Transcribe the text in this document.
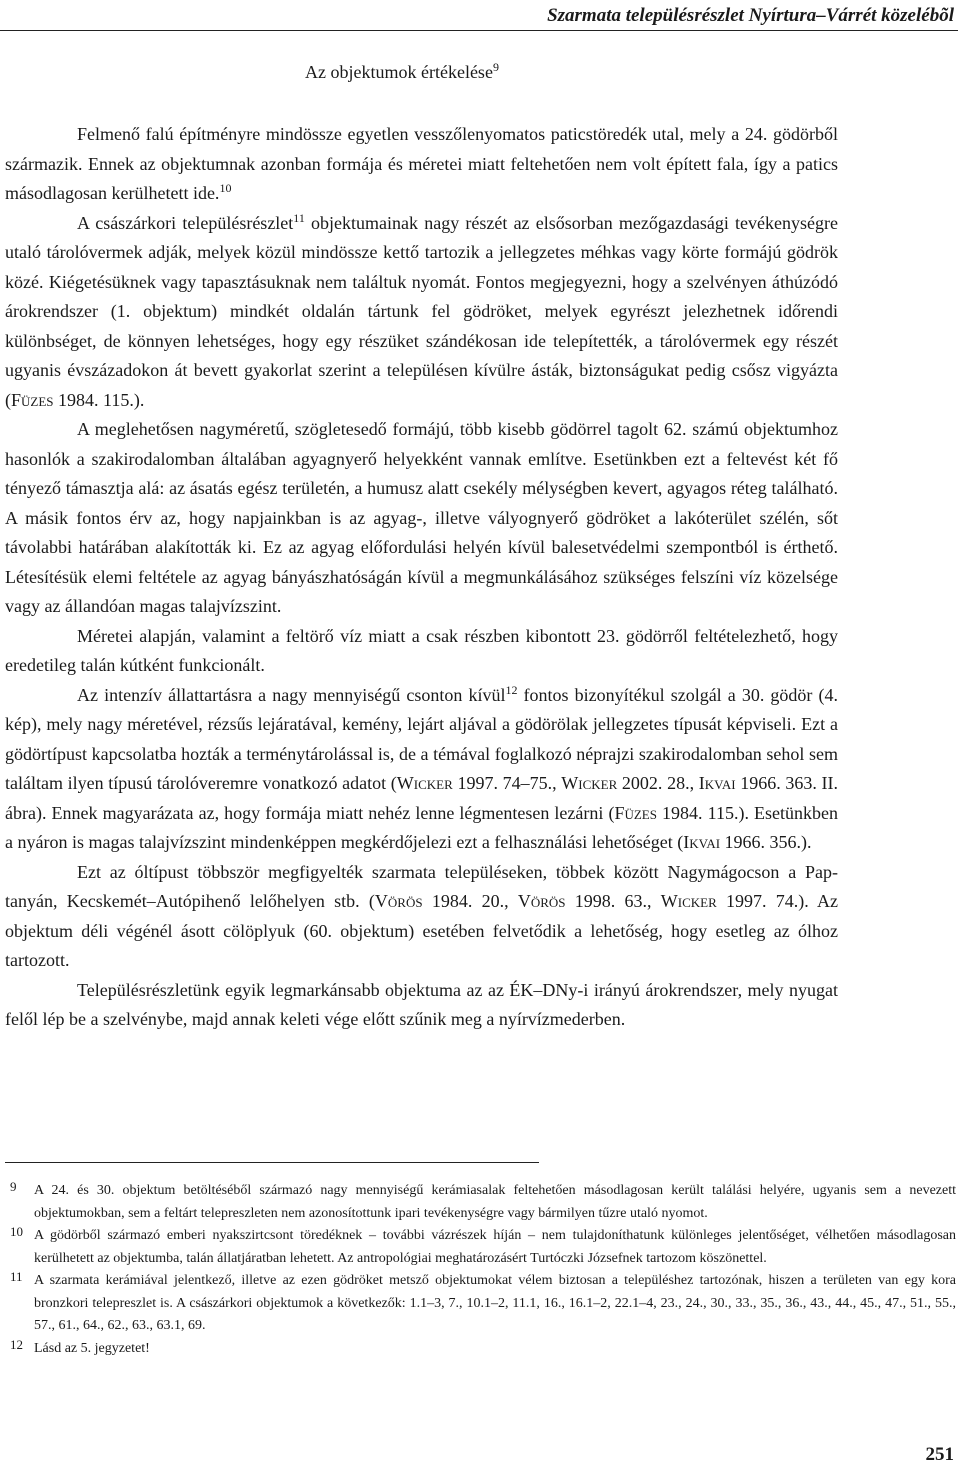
Szarmata településrészlet Nyírtura–Várrét közelébõl
Az objektumok értékelése$^9$

Felmenő falú építményre mindössze egyetlen vesszőlenyomatos paticstöredék utal, mely a 24. gödörből származik. Ennek az objektumnak azonban formája és méretei miatt feltehetően nem volt épített fala, így a patics másodlagosan kerülhetett ide.$^{10}$

A császárkori településrészlet$^{11}$ objektumainak nagy részét az elsősorban mezőgazdasági tevékenységre utaló tárolóvermek adják, melyek közül mindössze kettő tartozik a jellegzetes méhkas vagy körte formájú gödrök közé. Kiégetésüknek vagy tapasztásuknak nem találtuk nyomát. Fontos megjegyezni, hogy a szelvényen áthúzódó árokrendszer (1. objektum) mindkét oldalán tártunk fel gödröket, melyek egyrészt jelezhetnek időrendi különbséget, de könnyen lehetséges, hogy egy részüket szándékosan ide telepítették, a tárolóvermek egy részét ugyanis évszázadokon át bevett gyakorlat szerint a településen kívülre ásták, biztonságukat pedig csősz vigyázta (Füzes 1984. 115.).

A meglehetősen nagyméretű, szögletesedő formájú, több kisebb gödörrel tagolt 62. számú objektumhoz hasonlók a szakirodalomban általában agyagnyerő helyekként vannak említve. Esetünkben ezt a feltevést két fő tényező támasztja alá: az ásatás egész területén, a humusz alatt csekély mélységben kevert, agyagos réteg található. A másik fontos érv az, hogy napjainkban is az agyag-, illetve vályognyerő gödröket a lakóterület szélén, sőt távolabbi határában alakították ki. Ez az agyag előfordulási helyén kívül balesetvédelmi szempontból is érthető. Létesítésük elemi feltétele az agyag bányászhatóságán kívül a megmunkálásához szükséges felszíni víz közelsége vagy az állandóan magas talajvízszint.

Méretei alapján, valamint a feltörő víz miatt a csak részben kibontott 23. gödörről feltételezhető, hogy eredetileg talán kútként funkcionált.

Az intenzív állattartásra a nagy mennyiségű csonton kívül$^{12}$ fontos bizonyítékul szolgál a 30. gödör (4. kép), mely nagy méretével, rézsűs lejáratával, kemény, lejárt aljával a gödörölak jellegzetes típusát képviseli. Ezt a gödörtípust kapcsolatba hozták a terménytárolással is, de a témával foglalkozó néprajzi szakirodalomban sehol sem találtam ilyen típusú tárolóveremre vonatkozó adatot (Wicker 1997. 74–75., Wicker 2002. 28., Ikvai 1966. 363. II. ábra). Ennek magyarázata az, hogy formája miatt nehéz lenne légmentesen lezárni (Füzes 1984. 115.). Esetünkben a nyáron is magas talajvízszint mindenképpen megkérdőjelezi ezt a felhasználási lehetőséget (Ikvai 1966. 356.).

Ezt az óltípust többször megfigyelték szarmata településeken, többek között Nagymágocson a Pap-tanyán, Kecskemét–Autópihenő lelőhelyen stb. (Vörös 1984. 20., Vörös 1998. 63., Wicker 1997. 74.). Az objektum déli végénél ásott cölöplyuk (60. objektum) esetében felvetődik a lehetőség, hogy esetleg az ólhoz tartozott.

Településrészletünk egyik legmarkánsabb objektuma az az ÉK–DNy-i irányú árokrendszer, mely nyugat felől lép be a szelvénybe, majd annak keleti vége előtt szűnik meg a nyírvízmederben.

9 A 24. és 30. objektum betöltéséből származó nagy mennyiségű kerámiasalak feltehetően másodlagosan került találási helyére, ugyanis sem a nevezett objektumokban, sem a feltárt telepreszleten nem azonosítottunk ipari tevékenységre vagy bármilyen tűzre utaló nyomot.
10 A gödörből származó emberi nyakszirtcsont töredéknek – további vázrészek híján – nem tulajdoníthatunk különleges jelentőséget, vélhetően másodlagosan kerülhetett az objektumba, talán állatjáratban lehetett. Az antropológiai meghatározásért Turtóczki Józsefnek tartozom köszönettel.
11 A szarmata kerámiával jelentkező, illetve az ezen gödröket metsző objektumokat vélem biztosan a településhez tartozónak, hiszen a területen van egy kora bronzkori telepreszlet is. A császárkori objektumok a következők: 1.1–3, 7., 10.1–2, 11.1, 16., 16.1–2, 22.1–4, 23., 24., 30., 33., 35., 36., 43., 44., 45., 47., 51., 55., 57., 61., 64., 62., 63., 63.1, 69.
12 Lásd az 5. jegyzetet!
251
